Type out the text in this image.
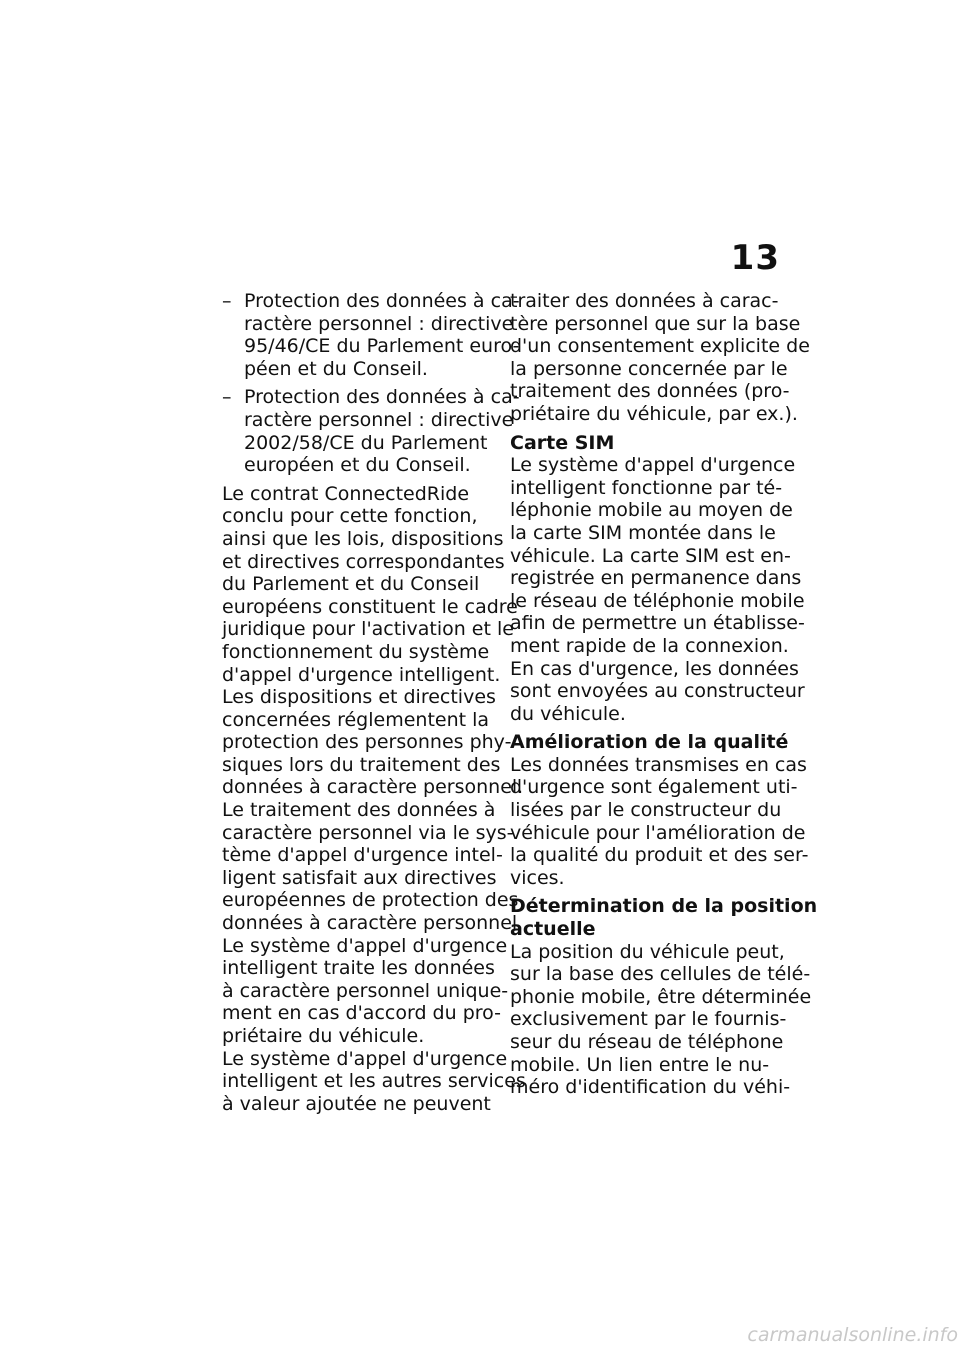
13
– Protection des données à ca-
ractère personnel : directive
95/46/CE du Parlement euro-
péen et du Conseil.
– Protection des données à ca-
ractère personnel : directive
2002/58/CE du Parlement
européen et du Conseil.
Le contrat ConnectedRide
conclu pour cette fonction,
ainsi que les lois, dispositions
et directives correspondantes
du Parlement et du Conseil
européens constituent le cadre
juridique pour l'activation et le
fonctionnement du système
d'appel d'urgence intelligent.
Les dispositions et directives
concernées réglementent la
protection des personnes phy-
siques lors du traitement des
données à caractère personnel.
Le traitement des données à
caractère personnel via le sys-
tème d'appel d'urgence intel-
ligent satisfait aux directives
européennes de protection des
données à caractère personnel.
Le système d'appel d'urgence
intelligent traite les données
à caractère personnel unique-
ment en cas d'accord du pro-
priétaire du véhicule.
Le système d'appel d'urgence
intelligent et les autres services
à valeur ajoutée ne peuvent
traiter des données à carac-
tère personnel que sur la base
d'un consentement explicite de
la personne concernée par le
traitement des données (pro-
priétaire du véhicule, par ex.).
Carte SIM
Le système d'appel d'urgence
intelligent fonctionne par té-
léphonie mobile au moyen de
la carte SIM montée dans le
véhicule. La carte SIM est en-
registrée en permanence dans
le réseau de téléphonie mobile
afin de permettre un établisse-
ment rapide de la connexion.
En cas d'urgence, les données
sont envoyées au constructeur
du véhicule.
Amélioration de la qualité
Les données transmises en cas
d'urgence sont également uti-
lisées par le constructeur du
véhicule pour l'amélioration de
la qualité du produit et des ser-
vices.
Détermination de la position
actuelle
La position du véhicule peut,
sur la base des cellules de télé-
phonie mobile, être déterminée
exclusivement par le fournis-
seur du réseau de téléphone
mobile. Un lien entre le nu-
méro d'identification du véhi-
carmanualsonline.info
